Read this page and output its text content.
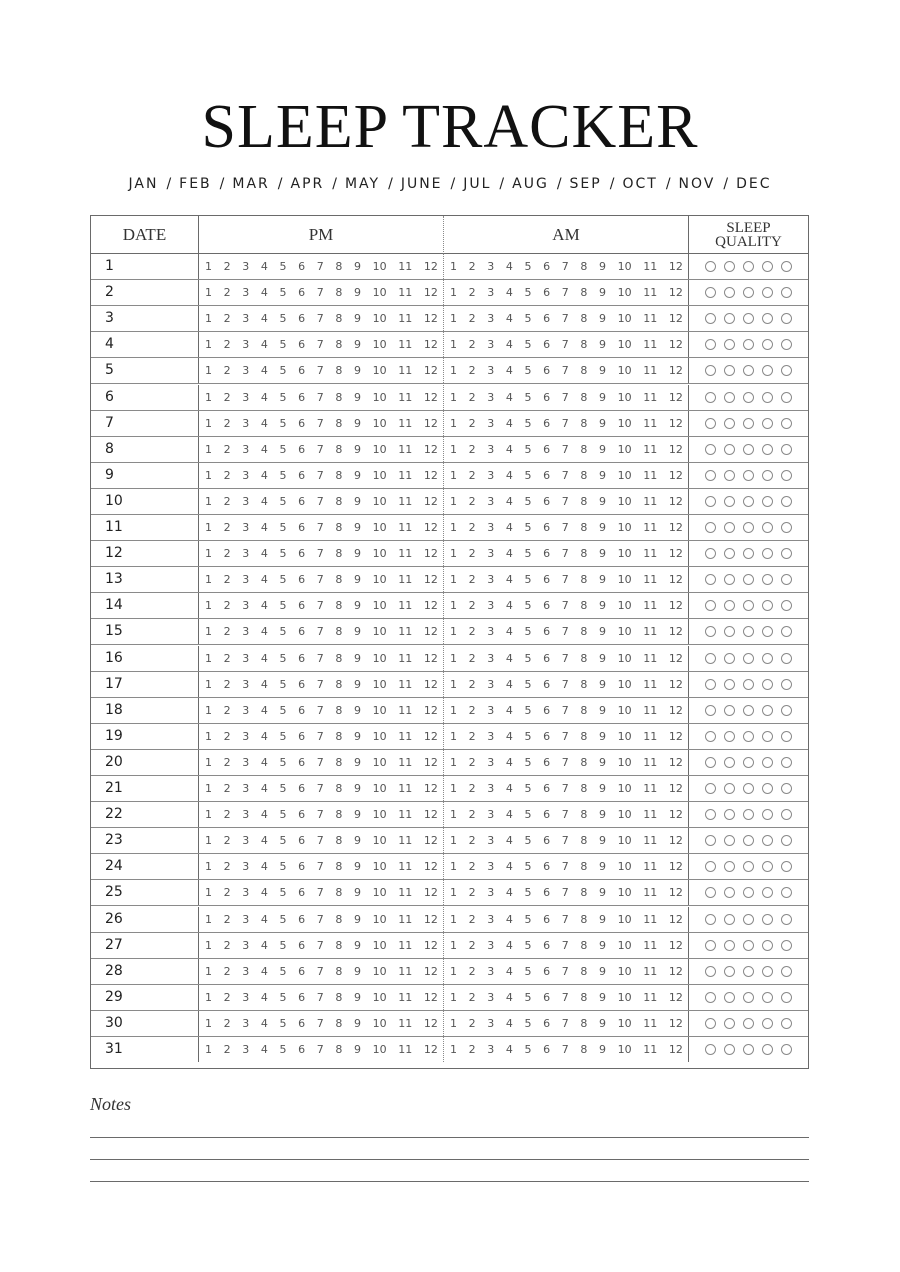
SLEEP TRACKER
JAN / FEB / MAR / APR / MAY / JUNE / JUL / AUG / SEP / OCT / NOV / DEC
DATE	PM	AM	SLEEP
QUALITY
1	1 2 3 4 5 6 7 8 9 10 11 12 1 2 3 4 5 6 7 8 9 10 11 12
2	1 2 3 4 5 6 7 8 9 10 11 12 1 2 3 4 5 6 7 8 9 10 11 12
3	1 2 3 4 5 6 7 8 9 10 11 12 1 2 3 4 5 6 7 8 9 10 11 12
4	1 2 3 4 5 6 7 8 9 10 11 12 1 2 3 4 5 6 7 8 9 10 11 12
5	1 2 3 4 5 6 7 8 9 10 11 12 1 2 3 4 5 6 7 8 9 10 11 12
6	1 2 3 4 5 6 7 8 9 10 11 12 1 2 3 4 5 6 7 8 9 10 11 12
7	1 2 3 4 5 6 7 8 9 10 11 12 1 2 3 4 5 6 7 8 9 10 11 12
8	1 2 3 4 5 6 7 8 9 10 11 12 1 2 3 4 5 6 7 8 9 10 11 12
9	1 2 3 4 5 6 7 8 9 10 11 12 1 2 3 4 5 6 7 8 9 10 11 12
10	1 2 3 4 5 6 7 8 9 10 11 12 1 2 3 4 5 6 7 8 9 10 11 12
11	1 2 3 4 5 6 7 8 9 10 11 12 1 2 3 4 5 6 7 8 9 10 11 12
12	1 2 3 4 5 6 7 8 9 10 11 12 1 2 3 4 5 6 7 8 9 10 11 12
13	1 2 3 4 5 6 7 8 9 10 11 12 1 2 3 4 5 6 7 8 9 10 11 12
14	1 2 3 4 5 6 7 8 9 10 11 12 1 2 3 4 5 6 7 8 9 10 11 12
15	1 2 3 4 5 6 7 8 9 10 11 12 1 2 3 4 5 6 7 8 9 10 11 12
16	1 2 3 4 5 6 7 8 9 10 11 12 1 2 3 4 5 6 7 8 9 10 11 12
17	1 2 3 4 5 6 7 8 9 10 11 12 1 2 3 4 5 6 7 8 9 10 11 12
18	1 2 3 4 5 6 7 8 9 10 11 12 1 2 3 4 5 6 7 8 9 10 11 12
19	1 2 3 4 5 6 7 8 9 10 11 12 1 2 3 4 5 6 7 8 9 10 11 12
20	1 2 3 4 5 6 7 8 9 10 11 12 1 2 3 4 5 6 7 8 9 10 11 12
21	1 2 3 4 5 6 7 8 9 10 11 12 1 2 3 4 5 6 7 8 9 10 11 12
22	1 2 3 4 5 6 7 8 9 10 11 12 1 2 3 4 5 6 7 8 9 10 11 12
23	1 2 3 4 5 6 7 8 9 10 11 12 1 2 3 4 5 6 7 8 9 10 11 12
24	1 2 3 4 5 6 7 8 9 10 11 12 1 2 3 4 5 6 7 8 9 10 11 12
25	1 2 3 4 5 6 7 8 9 10 11 12 1 2 3 4 5 6 7 8 9 10 11 12
26	1 2 3 4 5 6 7 8 9 10 11 12 1 2 3 4 5 6 7 8 9 10 11 12
27	1 2 3 4 5 6 7 8 9 10 11 12 1 2 3 4 5 6 7 8 9 10 11 12
28	1 2 3 4 5 6 7 8 9 10 11 12 1 2 3 4 5 6 7 8 9 10 11 12
29	1 2 3 4 5 6 7 8 9 10 11 12 1 2 3 4 5 6 7 8 9 10 11 12
30	1 2 3 4 5 6 7 8 9 10 11 12 1 2 3 4 5 6 7 8 9 10 11 12
31	1 2 3 4 5 6 7 8 9 10 11 12 1 2 3 4 5 6 7 8 9 10 11 12
Notes
